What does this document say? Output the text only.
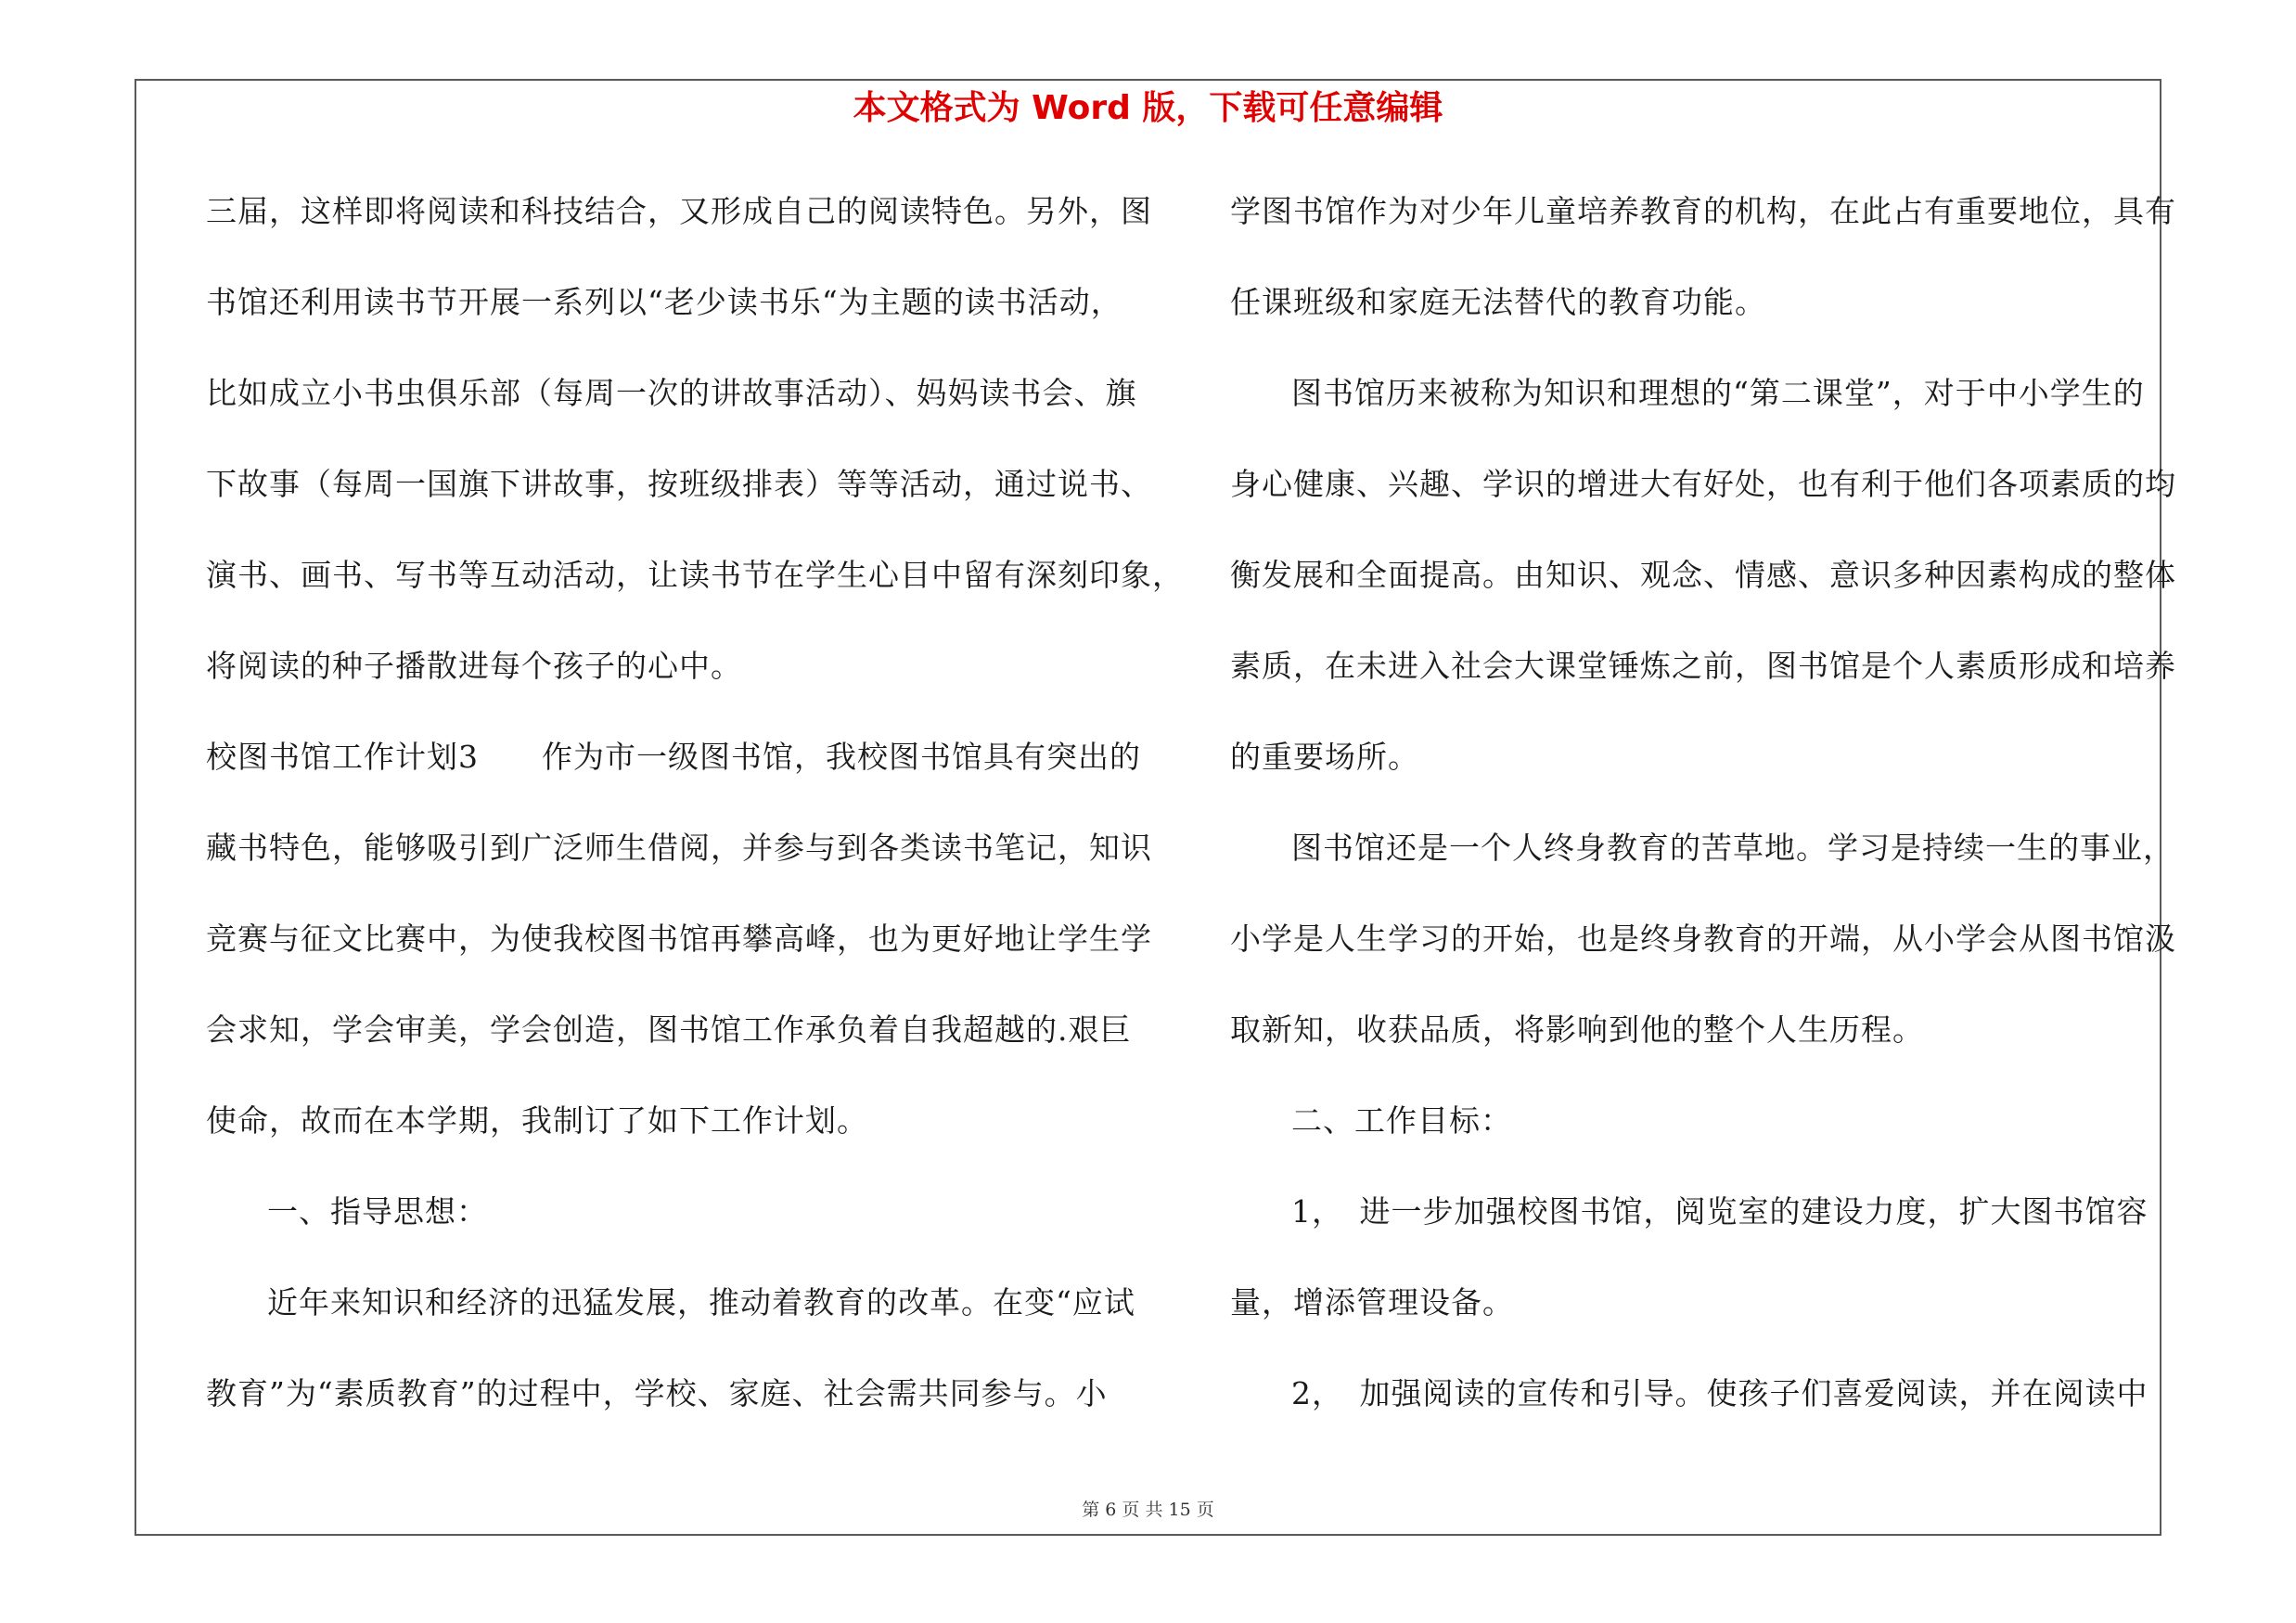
本文格式为 Word 版，下载可任意编辑
三届，这样即将阅读和科技结合，又形成自己的阅读特色。另外，图
书馆还利用读书节开展一系列以“老少读书乐“为主题的读书活动，
比如成立小书虫俱乐部（每周一次的讲故事活动）、妈妈读书会、旗
下故事（每周一国旗下讲故事，按班级排表）等等活动，通过说书、
演书、画书、写书等互动活动，让读书节在学生心目中留有深刻印象，
将阅读的种子播散进每个孩子的心中。
校图书馆工作计划3　　作为市一级图书馆，我校图书馆具有突出的
藏书特色，能够吸引到广泛师生借阅，并参与到各类读书笔记，知识
竞赛与征文比赛中，为使我校图书馆再攀高峰，也为更好地让学生学
会求知，学会审美，学会创造，图书馆工作承负着自我超越的.艰巨
使命，故而在本学期，我制订了如下工作计划。
一、指导思想：
近年来知识和经济的迅猛发展，推动着教育的改革。在变“应试
教育”为“素质教育”的过程中，学校、家庭、社会需共同参与。小
学图书馆作为对少年儿童培养教育的机构，在此占有重要地位，具有
任课班级和家庭无法替代的教育功能。
图书馆历来被称为知识和理想的“第二课堂”，对于中小学生的
身心健康、兴趣、学识的增进大有好处，也有利于他们各项素质的均
衡发展和全面提高。由知识、观念、情感、意识多种因素构成的整体
素质，在未进入社会大课堂锤炼之前，图书馆是个人素质形成和培养
的重要场所。
图书馆还是一个人终身教育的苦草地。学习是持续一生的事业，
小学是人生学习的开始，也是终身教育的开端，从小学会从图书馆汲
取新知，收获品质，将影响到他的整个人生历程。
二、工作目标：
1，　进一步加强校图书馆，阅览室的建设力度，扩大图书馆容
量，增添管理设备。
2，　加强阅读的宣传和引导。使孩子们喜爱阅读，并在阅读中
第 6 页 共 15 页
